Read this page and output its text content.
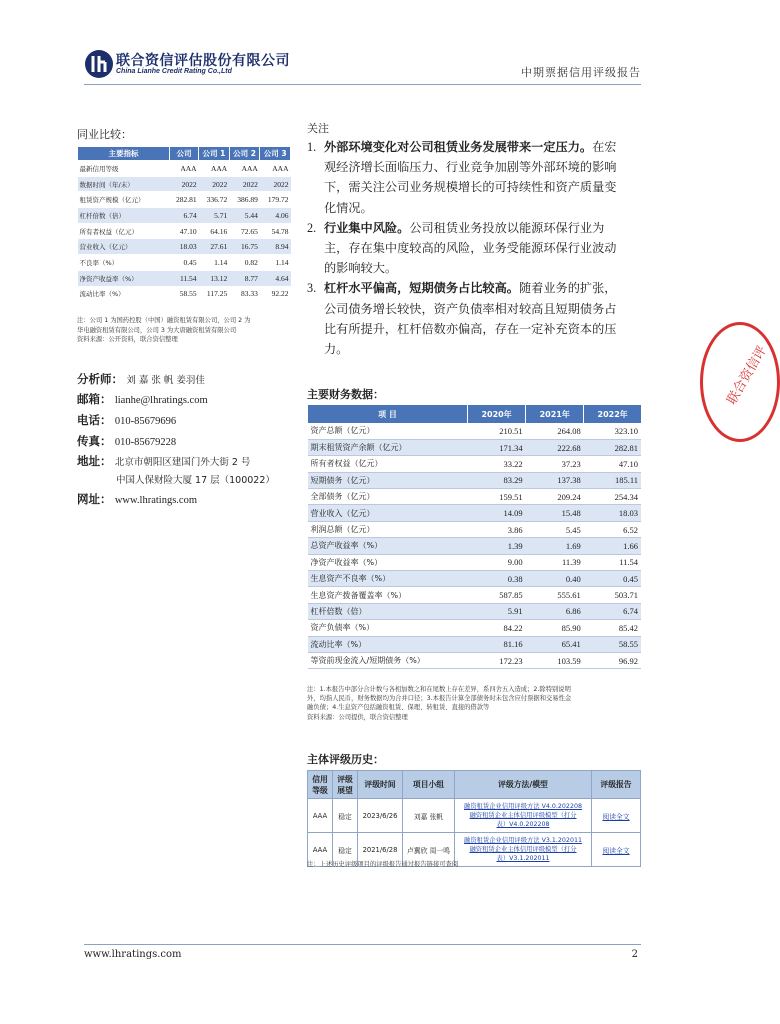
联合资信评估股份有限公司
China Lianhe Credit Rating Co.,Ltd	中期票据信用评级报告
联合资信评
同业比较：
主要指标	公司	公司 1	公司 2	公司 3
最新信用等级	AAA	AAA	AAA	AAA
数据时间（年/末）	2022	2022	2022	2022
租赁资产规模（亿元）	282.81	336.72	386.89	179.72
杠杆倍数（倍）	6.74	5.71	5.44	4.06
所有者权益（亿元）	47.10	64.16	72.65	54.78
营业收入（亿元）	18.03	27.61	16.75	8.94
不良率（%）	0.45	1.14	0.82	1.14
净资产收益率（%）	11.54	13.12	8.77	4.64
流动比率（%）	58.55	117.25	83.33	92.22
注：公司 1 为国药控股（中国）融资租赁有限公司，公司 2 为
华电融资租赁有限公司，公司 3 为大唐融资租赁有限公司
资料来源：公开资料，联合资信整理
分析师： 刘 嘉 张 帆 姜羽佳
邮箱： lianhe@lhratings.com
电话： 010-85679696
传真： 010-85679228
地址： 北京市朝阳区建国门外大街 2 号
中国人保财险大厦 17 层（100022）
网址： www.lhratings.com
关注
1. 外部环境变化对公司租赁业务发展带来一定压力。在宏
观经济增长面临压力、行业竞争加剧等外部环境的影响
下，需关注公司业务规模增长的可持续性和资产质量变
化情况。
2. 行业集中风险。公司租赁业务投放以能源环保行业为
主，存在集中度较高的风险，业务受能源环保行业波动
的影响较大。
3. 杠杆水平偏高，短期债务占比较高。随着业务的扩张，
公司债务增长较快，资产负债率相对较高且短期债务占
比有所提升，杠杆倍数亦偏高，存在一定补充资本的压
力。
主要财务数据：
项 目	2020年	2021年	2022年
资产总额（亿元）	210.51	264.08	323.10
期末租赁资产余额（亿元）	171.34	222.68	282.81
所有者权益（亿元）	33.22	37.23	47.10
短期债务（亿元）	83.29	137.38	185.11
全部债务（亿元）	159.51	209.24	254.34
营业收入（亿元）	14.09	15.48	18.03
利润总额（亿元）	3.86	5.45	6.52
总资产收益率（%）	1.39	1.69	1.66
净资产收益率（%）	9.00	11.39	11.54
生息资产不良率（%）	0.38	0.40	0.45
生息资产拨备覆盖率（%）	587.85	555.61	503.71
杠杆倍数（倍）	5.91	6.86	6.74
资产负债率（%）	84.22	85.90	85.42
流动比率（%）	81.16	65.41	58.55
等资前现金流入/短期债务（%）	172.23	103.59	96.92
注：1.本报告中部分合计数与各相加数之和在尾数上存在差异，系四舍五入造成；2.除特别说明
外，均指人民币，财务数据均为合并口径；3.本报告计算全部债务时未包含应付票据和交易性金
融负债；4.生息资产包括融资租赁、保理、转租赁、直接的借款等
资料来源：公司提供，联合资信整理
主体评级历史：
信用
等级	评级
展望	评级时间	项目小组	评级方法/模型	评级报告
AAA	稳定	2023/6/26	刘嘉 张帆	融资租赁企业信用评级方法 V4.0.202208
融资租赁企业主体信用评级模型（打分
表）V4.0.202208	阅读全文
AAA	稳定	2021/6/28	卢冀欣 周一鸣	融资租赁企业信用评级方法 V3.1.202011
融资租赁企业主体信用评级模型（打分
表）V3.1.202011	阅读全文
注：上述历史评级项目的评级报告通过报告链接可查阅
www.lhratings.com	2
